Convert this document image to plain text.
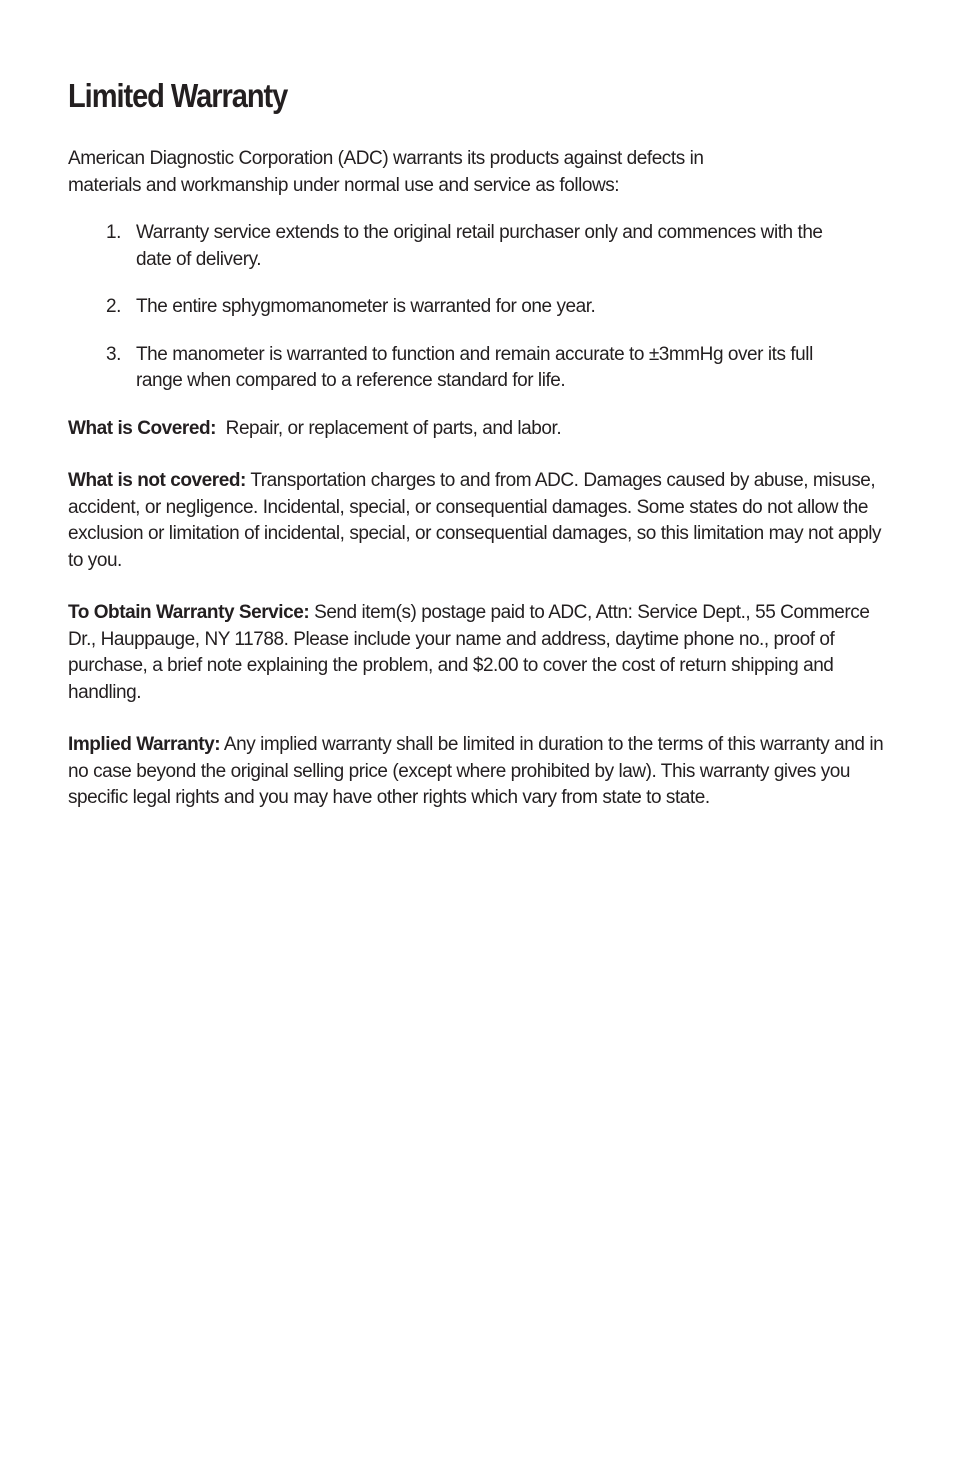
Limited Warranty

American Diagnostic Corporation (ADC) warrants its products against defects in materials and workmanship under normal use and service as follows:

1. Warranty service extends to the original retail purchaser only and commences with the date of delivery.
2. The entire sphygmomanometer is warranted for one year.
3. The manometer is warranted to function and remain accurate to ±3mmHg over its full range when compared to a reference standard for life.

What is Covered: Repair, or replacement of parts, and labor.

What is not covered: Transportation charges to and from ADC. Damages caused by abuse, misuse, accident, or negligence. Incidental, special, or consequential damages. Some states do not allow the exclusion or limitation of incidental, special, or consequential damages, so this limitation may not apply to you.

To Obtain Warranty Service: Send item(s) postage paid to ADC, Attn: Service Dept., 55 Commerce Dr., Hauppauge, NY 11788. Please include your name and address, daytime phone no., proof of purchase, a brief note explaining the problem, and $2.00 to cover the cost of return shipping and handling.

Implied Warranty: Any implied warranty shall be limited in duration to the terms of this warranty and in no case beyond the original selling price (except where prohibited by law). This warranty gives you specific legal rights and you may have other rights which vary from state to state.
